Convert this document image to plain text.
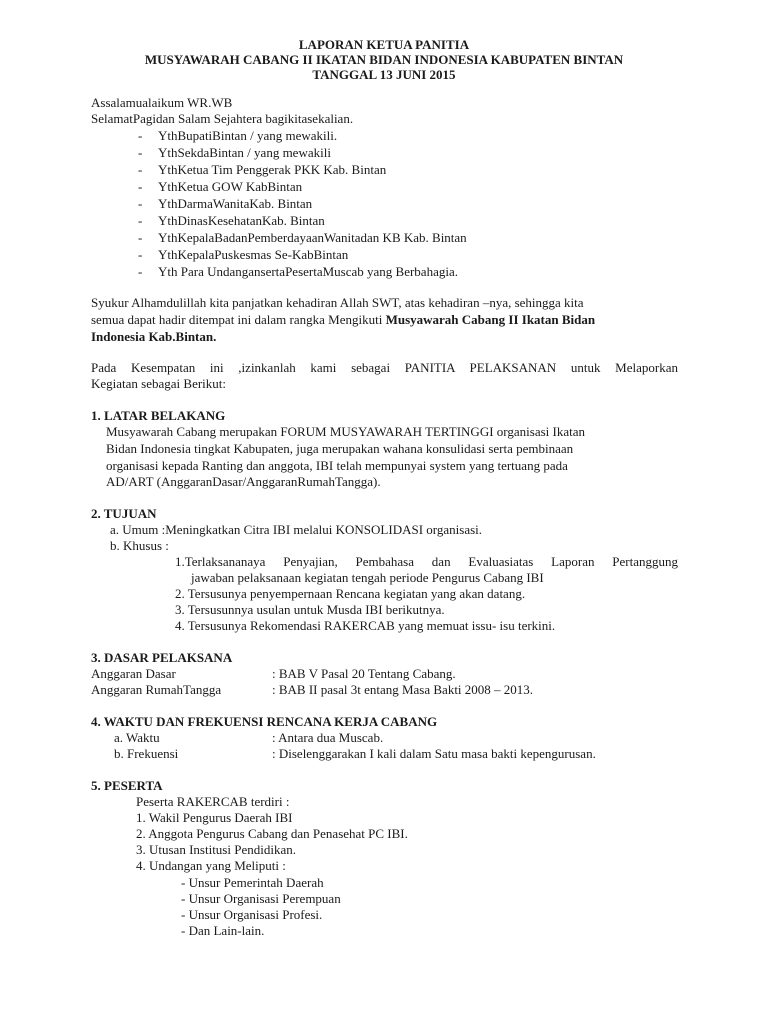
LAPORAN KETUA PANITIA
MUSYAWARAH CABANG II IKATAN BIDAN INDONESIA KABUPATEN BINTAN
TANGGAL 13 JUNI 2015
Assalamualaikum WR.WB
SelamatPagidan Salam Sejahtera bagikitasekalian.
- YthBupatiBintan / yang mewakili.
- YthSekdaBintan / yang mewakili
- YthKetua Tim Penggerak PKK Kab. Bintan
- YthKetua GOW KabBintan
- YthDarmaWanitaKab. Bintan
- YthDinasKesehatanKab. Bintan
- YthKepalaBadanPemberdayaanWanitadan KB Kab. Bintan
- YthKepalaPuskesmas Se-KabBintan
- Yth Para UndangansertaPesertaMuscab yang Berbahagia.
Syukur Alhamdulillah kita panjatkan kehadiran Allah SWT, atas kehadiran –nya, sehingga kita
semua dapat hadir ditempat ini dalam rangka Mengikuti Musyawarah Cabang II Ikatan Bidan
Indonesia Kab.Bintan.
Pada Kesempatan ini ,izinkanlah kami sebagai PANITIA PELAKSANAN untuk Melaporkan
Kegiatan sebagai Berikut:
1. LATAR BELAKANG
Musyawarah Cabang merupakan FORUM MUSYAWARAH TERTINGGI organisasi Ikatan
Bidan Indonesia tingkat Kabupaten, juga merupakan wahana konsulidasi serta pembinaan
organisasi kepada Ranting dan anggota, IBI telah mempunyai system yang tertuang pada
AD/ART (AnggaranDasar/AnggaranRumahTangga).
2. TUJUAN
a. Umum :Meningkatkan Citra IBI melalui KONSOLIDASI organisasi.
b. Khusus :
1.Terlaksananaya Penyajian, Pembahasa dan Evaluasiatas Laporan Pertanggung
jawaban pelaksanaan kegiatan tengah periode Pengurus Cabang IBI
2. Tersusunya penyempernaan Rencana kegiatan yang akan datang.
3. Tersusunnya usulan untuk Musda IBI berikutnya.
4. Tersusunya Rekomendasi RAKERCAB yang memuat issu- isu terkini.
3. DASAR PELAKSANA
Anggaran Dasar	: BAB V Pasal 20 Tentang Cabang.
Anggaran RumahTangga	: BAB II pasal 3t entang Masa Bakti 2008 – 2013.
4. WAKTU DAN FREKUENSI RENCANA KERJA CABANG
a. Waktu	: Antara dua Muscab.
b. Frekuensi	: Diselenggarakan I kali dalam Satu masa bakti kepengurusan.
5. PESERTA
Peserta RAKERCAB terdiri :
1. Wakil Pengurus Daerah IBI
2. Anggota Pengurus Cabang dan Penasehat PC IBI.
3. Utusan Institusi Pendidikan.
4. Undangan yang Meliputi :
- Unsur Pemerintah Daerah
- Unsur Organisasi Perempuan
- Unsur Organisasi Profesi.
- Dan Lain-lain.
